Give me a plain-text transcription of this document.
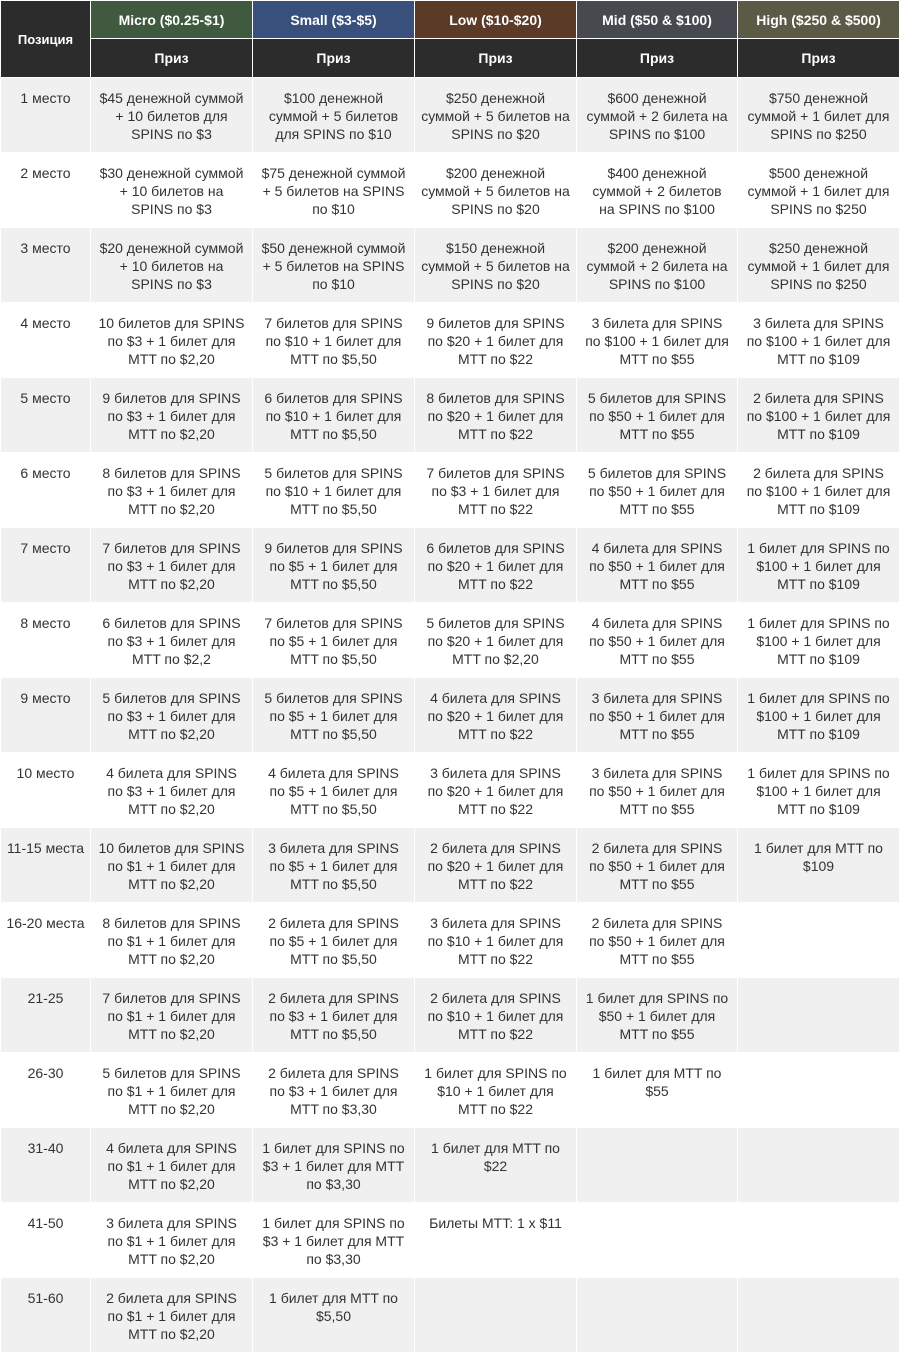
Позиция	Micro ($0.25-$1)	Small ($3-$5)	Low ($10-$20)	Mid ($50 & $100)	High ($250 & $500)
	Приз	Приз	Приз	Приз	Приз
1 место	$45 денежной суммой + 10 билетов для SPINS по $3	$100 денежной суммой + 5 билетов для SPINS по $10	$250 денежной суммой + 5 билетов на SPINS по $20	$600 денежной суммой + 2 билета на SPINS по $100	$750 денежной суммой + 1 билет для SPINS по $250
2 место	$30 денежной суммой + 10 билетов на SPINS по $3	$75 денежной суммой + 5 билетов на SPINS по $10	$200 денежной суммой + 5 билетов на SPINS по $20	$400 денежной суммой + 2 билетов на SPINS по $100	$500 денежной суммой + 1 билет для SPINS по $250
3 место	$20 денежной суммой + 10 билетов на SPINS по $3	$50 денежной суммой + 5 билетов на SPINS по $10	$150 денежной суммой + 5 билетов на SPINS по $20	$200 денежной суммой + 2 билета на SPINS по $100	$250 денежной суммой + 1 билет для SPINS по $250
4 место	10 билетов для SPINS по $3 + 1 билет для MTT по $2,20	7 билетов для SPINS по $10 + 1 билет для MTT по $5,50	9 билетов для SPINS по $20 + 1 билет для MTT по $22	3 билета для SPINS по $100 + 1 билет для MTT по $55	3 билета для SPINS по $100 + 1 билет для MTT по $109
5 место	9 билетов для SPINS по $3 + 1 билет для MTT по $2,20	6 билетов для SPINS по $10 + 1 билет для MTT по $5,50	8 билетов для SPINS по $20 + 1 билет для MTT по $22	5 билетов для SPINS по $50 + 1 билет для MTT по $55	2 билета для SPINS по $100 + 1 билет для MTT по $109
6 место	8 билетов для SPINS по $3 + 1 билет для MTT по $2,20	5 билетов для SPINS по $10 + 1 билет для MTT по $5,50	7 билетов для SPINS по $3 + 1 билет для MTT по $22	5 билетов для SPINS по $50 + 1 билет для MTT по $55	2 билета для SPINS по $100 + 1 билет для MTT по $109
7 место	7 билетов для SPINS по $3 + 1 билет для MTT по $2,20	9 билетов для SPINS по $5 + 1 билет для MTT по $5,50	6 билетов для SPINS по $20 + 1 билет для MTT по $22	4 билета для SPINS по $50 + 1 билет для MTT по $55	1 билет для SPINS по $100 + 1 билет для MTT по $109
8 место	6 билетов для SPINS по $3 + 1 билет для MTT по $2,2	7 билетов для SPINS по $5 + 1 билет для MTT по $5,50	5 билетов для SPINS по $20 + 1 билет для MTT по $2,20	4 билета для SPINS по $50 + 1 билет для MTT по $55	1 билет для SPINS по $100 + 1 билет для MTT по $109
9 место	5 билетов для SPINS по $3 + 1 билет для MTT по $2,20	5 билетов для SPINS по $5 + 1 билет для MTT по $5,50	4 билета для SPINS по $20 + 1 билет для MTT по $22	3 билета для SPINS по $50 + 1 билет для MTT по $55	1 билет для SPINS по $100 + 1 билет для MTT по $109
10 место	4 билета для SPINS по $3 + 1 билет для MTT по $2,20	4 билета для SPINS по $5 + 1 билет для MTT по $5,50	3 билета для SPINS по $20 + 1 билет для MTT по $22	3 билета для SPINS по $50 + 1 билет для MTT по $55	1 билет для SPINS по $100 + 1 билет для MTT по $109
11-15 места	10 билетов для SPINS по $1 + 1 билет для MTT по $2,20	3 билета для SPINS по $5 + 1 билет для MTT по $5,50	2 билета для SPINS по $20 + 1 билет для MTT по $22	2 билета для SPINS по $50 + 1 билет для MTT по $55	1 билет для MTT по $109
16-20 места	8 билетов для SPINS по $1 + 1 билет для MTT по $2,20	2 билета для SPINS по $5 + 1 билет для MTT по $5,50	3 билета для SPINS по $10 + 1 билет для MTT по $22	2 билета для SPINS по $50 + 1 билет для MTT по $55	
21-25	7 билетов для SPINS по $1 + 1 билет для MTT по $2,20	2 билета для SPINS по $3 + 1 билет для MTT по $5,50	2 билета для SPINS по $10 + 1 билет для MTT по $22	1 билет для SPINS по $50 + 1 билет для MTT по $55	
26-30	5 билетов для SPINS по $1 + 1 билет для MTT по $2,20	2 билета для SPINS по $3 + 1 билет для MTT по $3,30	1 билет для SPINS по $10 + 1 билет для MTT по $22	1 билет для MTT по $55	
31-40	4 билета для SPINS по $1 + 1 билет для MTT по $2,20	1 билет для SPINS по $3 + 1 билет для MTT по $3,30	1 билет для MTT по $22		
41-50	3 билета для SPINS по $1 + 1 билет для MTT по $2,20	1 билет для SPINS по $3 + 1 билет для MTT по $3,30	Билеты MTT: 1 x $11		
51-60	2 билета для SPINS по $1 + 1 билет для MTT по $2,20	1 билет для MTT по $5,50			
